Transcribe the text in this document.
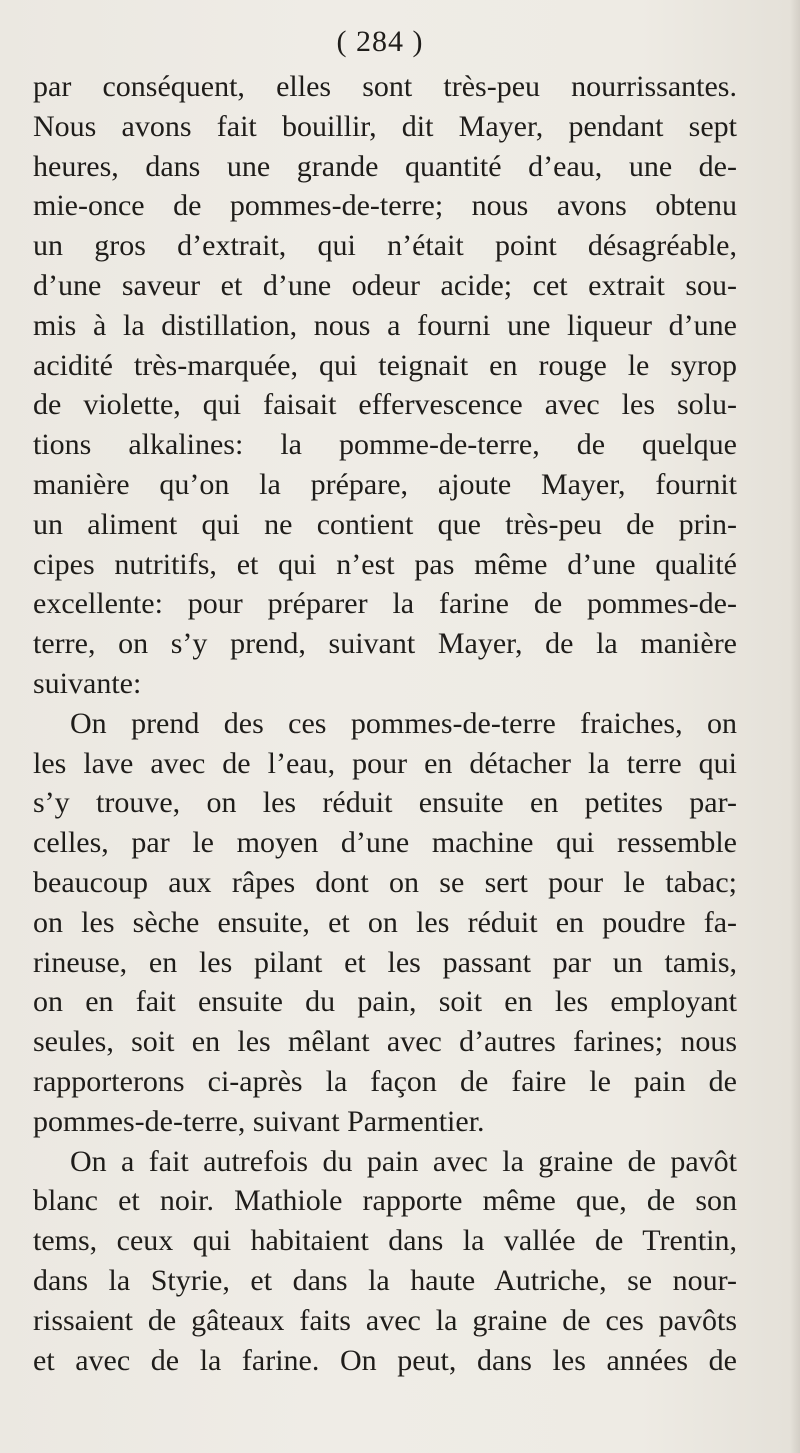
( 284 )
par conséquent, elles sont très-peu nourrissantes.
Nous avons fait bouillir, dit Mayer, pendant sept
heures, dans une grande quantité d’eau, une de-
mie-once de pommes-de-terre; nous avons obtenu
un gros d’extrait, qui n’était point désagréable,
d’une saveur et d’une odeur acide; cet extrait sou-
mis à la distillation, nous a fourni une liqueur d’une
acidité très-marquée, qui teignait en rouge le syrop
de violette, qui faisait effervescence avec les solu-
tions alkalines: la pomme-de-terre, de quelque
manière qu’on la prépare, ajoute Mayer, fournit
un aliment qui ne contient que très-peu de prin-
cipes nutritifs, et qui n’est pas même d’une qualité
excellente: pour préparer la farine de pommes-de-
terre, on s’y prend, suivant Mayer, de la manière
suivante:
On prend des ces pommes-de-terre fraiches, on
les lave avec de l’eau, pour en détacher la terre qui
s’y trouve, on les réduit ensuite en petites par-
celles, par le moyen d’une machine qui ressemble
beaucoup aux râpes dont on se sert pour le tabac;
on les sèche ensuite, et on les réduit en poudre fa-
rineuse, en les pilant et les passant par un tamis,
on en fait ensuite du pain, soit en les employant
seules, soit en les mêlant avec d’autres farines; nous
rapporterons ci-après la façon de faire le pain de
pommes-de-terre, suivant Parmentier.
On a fait autrefois du pain avec la graine de pavôt
blanc et noir. Mathiole rapporte même que, de son
tems, ceux qui habitaient dans la vallée de Trentin,
dans la Styrie, et dans la haute Autriche, se nour-
rissaient de gâteaux faits avec la graine de ces pavôts
et avec de la farine. On peut, dans les années de
